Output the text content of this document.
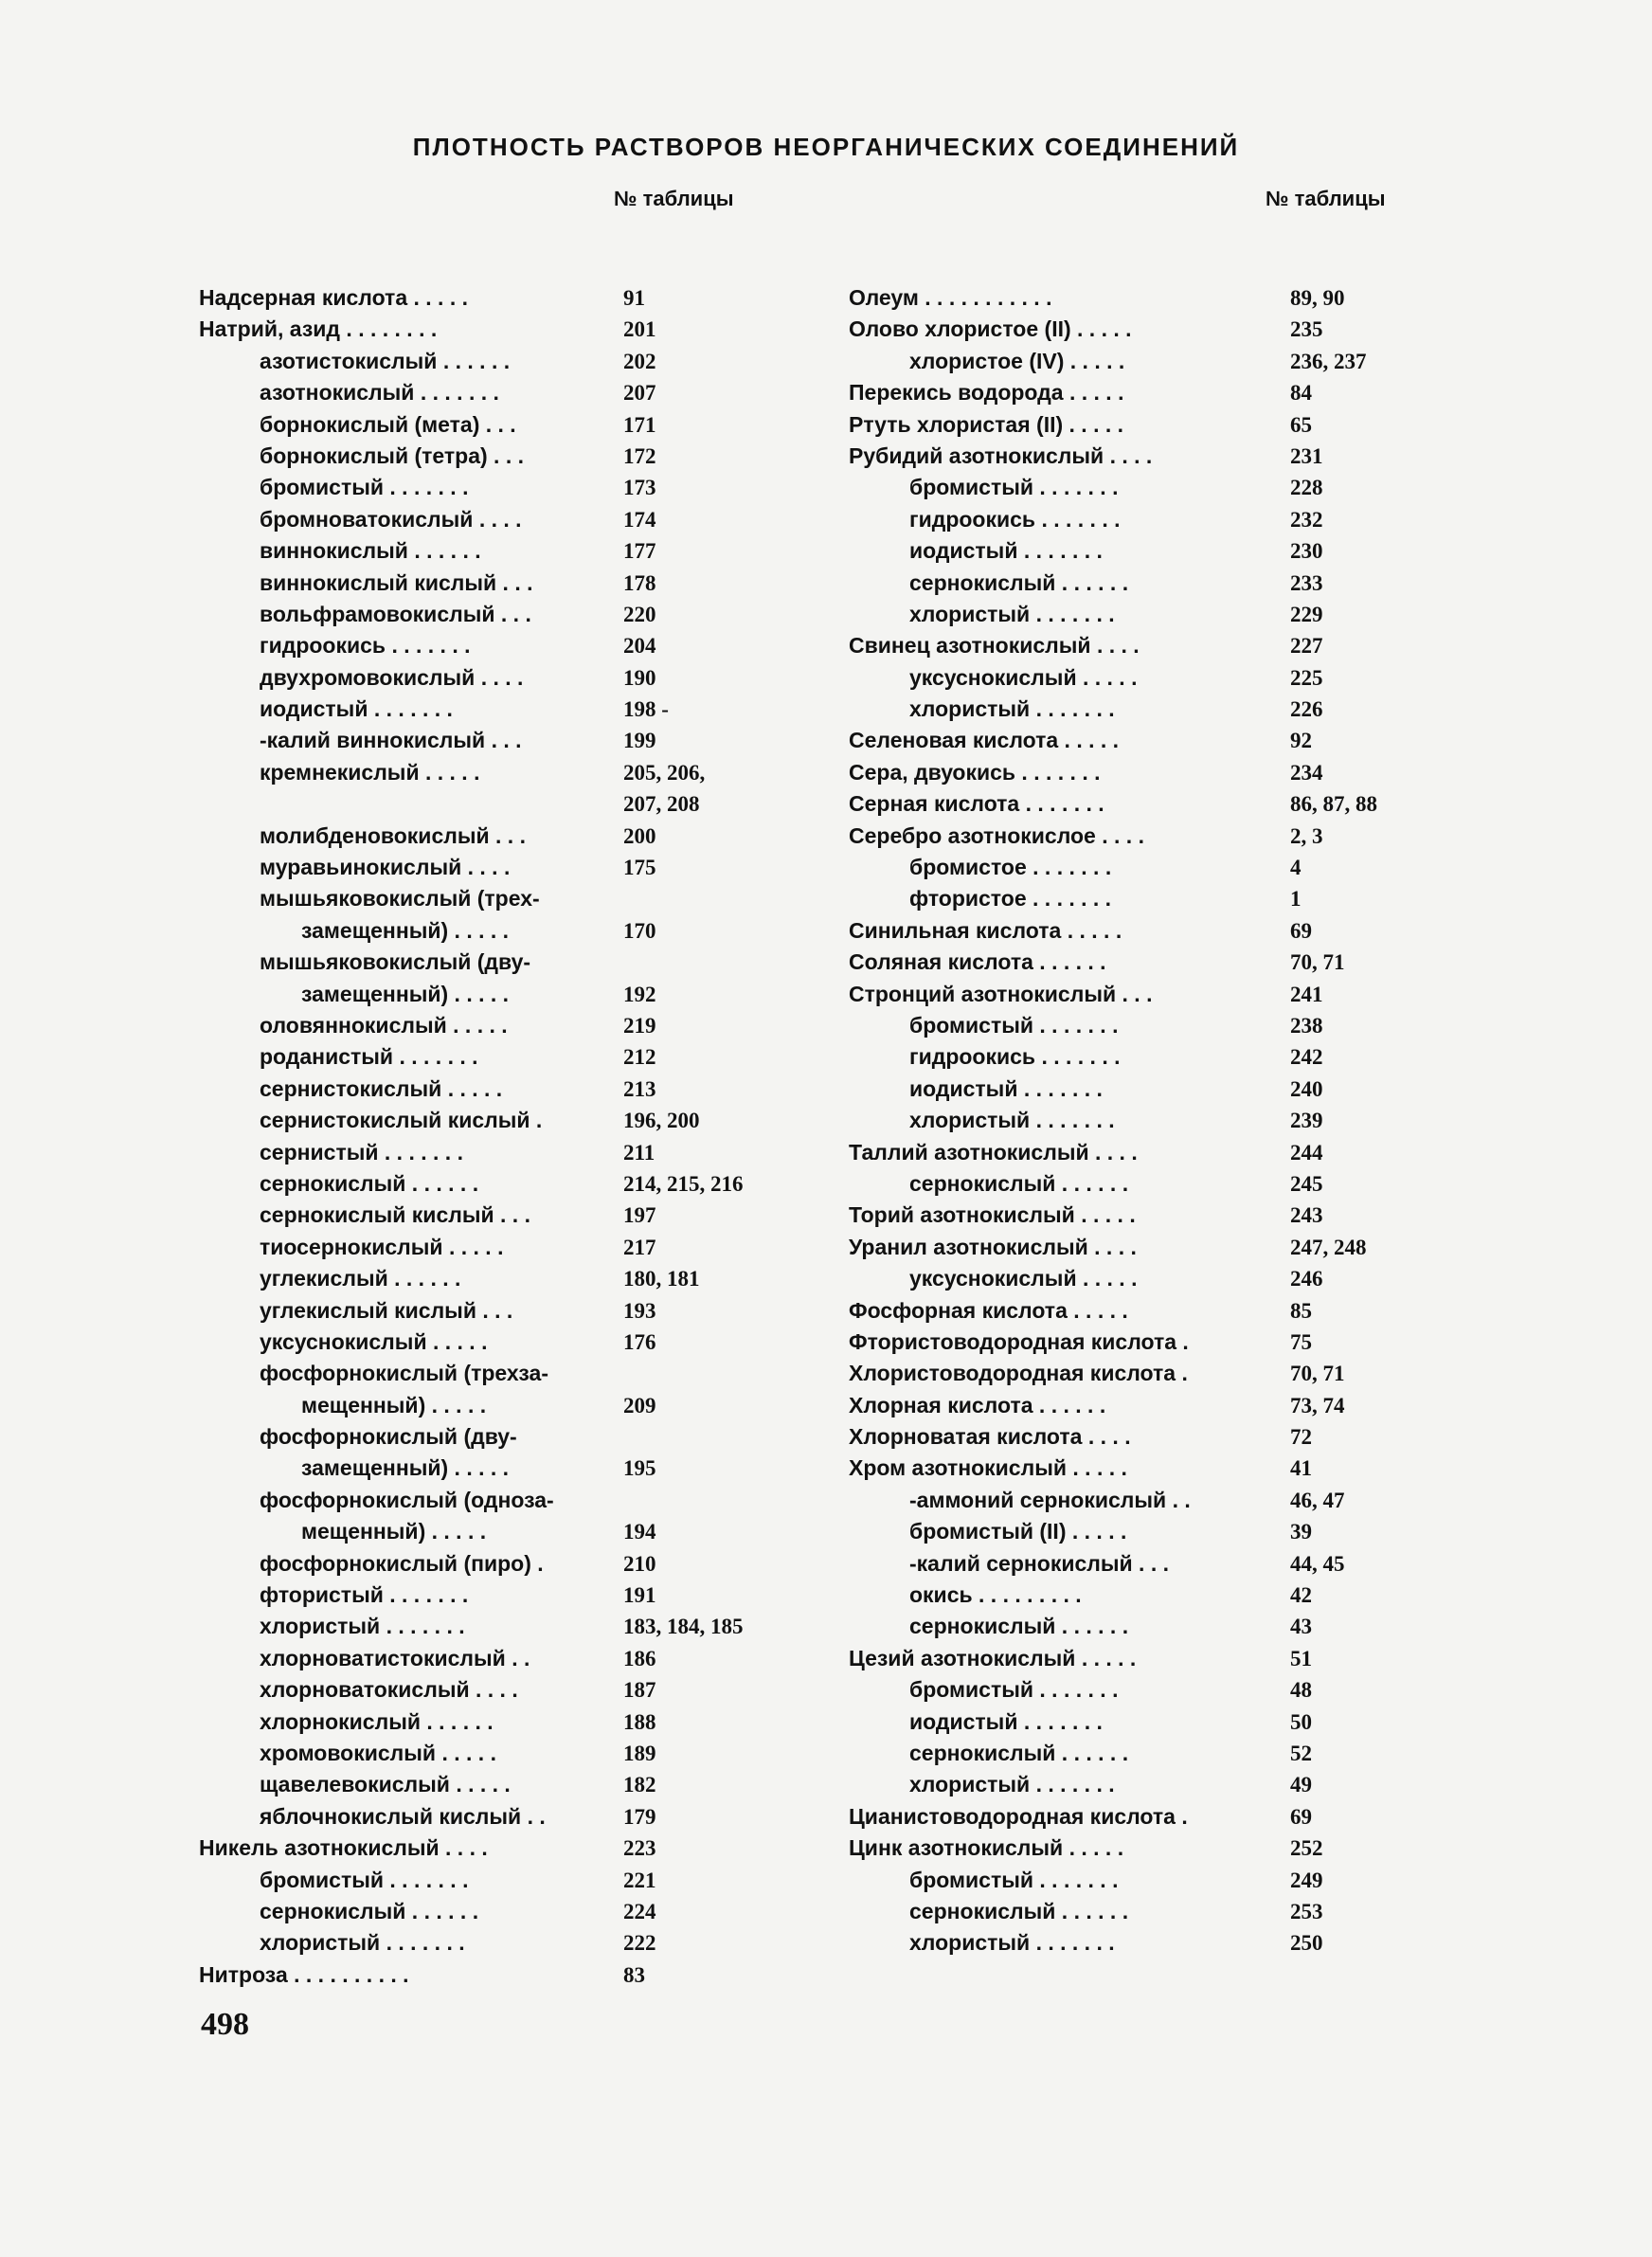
ПЛОТНОСТЬ РАСТВОРОВ НЕОРГАНИЧЕСКИХ СОЕДИНЕНИЙ
№ таблицы	№ таблицы
Надсерная кислота . . . . .	91
Натрий, азид . . . . . . . .	201
азотистокислый . . . . . .	202
азотнокислый . . . . . . .	207
борнокислый (мета) . . .	171
борнокислый (тетра) . . .	172
бромистый . . . . . . .	173
бромноватокислый . . . .	174
виннокислый . . . . . .	177
виннокислый кислый . . .	178
вольфрамовокислый . . .	220
гидроокись . . . . . . .	204
двухромовокислый . . . .	190
иодистый . . . . . . .	198 -
-калий виннокислый . . .	199
кремнекислый . . . . .	205, 206,
207, 208
молибденовокислый . . .	200
муравьинокислый . . . .	175
мышьяковокислый (трех-
замещенный) . . . . .	170
мышьяковокислый (дву-
замещенный) . . . . .	192
оловяннокислый . . . . .	219
роданистый . . . . . . .	212
сернистокислый . . . . .	213
сернистокислый кислый .	196, 200
сернистый . . . . . . .	211
сернокислый . . . . . .	214, 215, 216
сернокислый кислый . . .	197
тиосернокислый . . . . .	217
углекислый . . . . . .	180, 181
углекислый кислый . . .	193
уксуснокислый . . . . .	176
фосфорнокислый (трехза-
мещенный) . . . . .	209
фосфорнокислый (дву-
замещенный) . . . . .	195
фосфорнокислый (одноза-
мещенный) . . . . .	194
фосфорнокислый (пиро) .	210
фтористый . . . . . . .	191
хлористый . . . . . . .	183, 184, 185
хлорноватистокислый . .	186
хлорноватокислый . . . .	187
хлорнокислый . . . . . .	188
хромовокислый . . . . .	189
щавелевокислый . . . . .	182
яблочнокислый кислый . .	179
Никель азотнокислый . . . .	223
бромистый . . . . . . .	221
сернокислый . . . . . .	224
хлористый . . . . . . .	222
Нитроза . . . . . . . . . .	83
Олеум . . . . . . . . . . .	89, 90
Олово хлористое (II) . . . . .	235
хлористое (IV) . . . . .	236, 237
Перекись водорода . . . . .	84
Ртуть хлористая (II) . . . . .	65
Рубидий азотнокислый . . . .	231
бромистый . . . . . . .	228
гидроокись . . . . . . .	232
иодистый . . . . . . .	230
сернокислый . . . . . .	233
хлористый . . . . . . .	229
Свинец азотнокислый . . . .	227
уксуснокислый . . . . .	225
хлористый . . . . . . .	226
Селеновая кислота . . . . .	92
Сера, двуокись . . . . . . .	234
Серная кислота . . . . . . .	86, 87, 88
Серебро азотнокислое . . . .	2, 3
бромистое . . . . . . .	4
фтористое . . . . . . .	1
Синильная кислота . . . . .	69
Соляная кислота . . . . . .	70, 71
Стронций азотнокислый . . .	241
бромистый . . . . . . .	238
гидроокись . . . . . . .	242
иодистый . . . . . . .	240
хлористый . . . . . . .	239
Таллий азотнокислый . . . .	244
сернокислый . . . . . .	245
Торий азотнокислый . . . . .	243
Уранил азотнокислый . . . .	247, 248
уксуснокислый . . . . .	246
Фосфорная кислота . . . . .	85
Фтористоводородная кислота .	75
Хлористоводородная кислота .	70, 71
Хлорная кислота . . . . . .	73, 74
Хлорноватая кислота . . . .	72
Хром азотнокислый . . . . .	41
-аммоний сернокислый . .	46, 47
бромистый (II) . . . . .	39
-калий сернокислый . . .	44, 45
окись . . . . . . . . .	42
сернокислый . . . . . .	43
Цезий азотнокислый . . . . .	51
бромистый . . . . . . .	48
иодистый . . . . . . .	50
сернокислый . . . . . .	52
хлористый . . . . . . .	49
Цианистоводородная кислота .	69
Цинк азотнокислый . . . . .	252
бромистый . . . . . . .	249
сернокислый . . . . . .	253
хлористый . . . . . . .	250
498
